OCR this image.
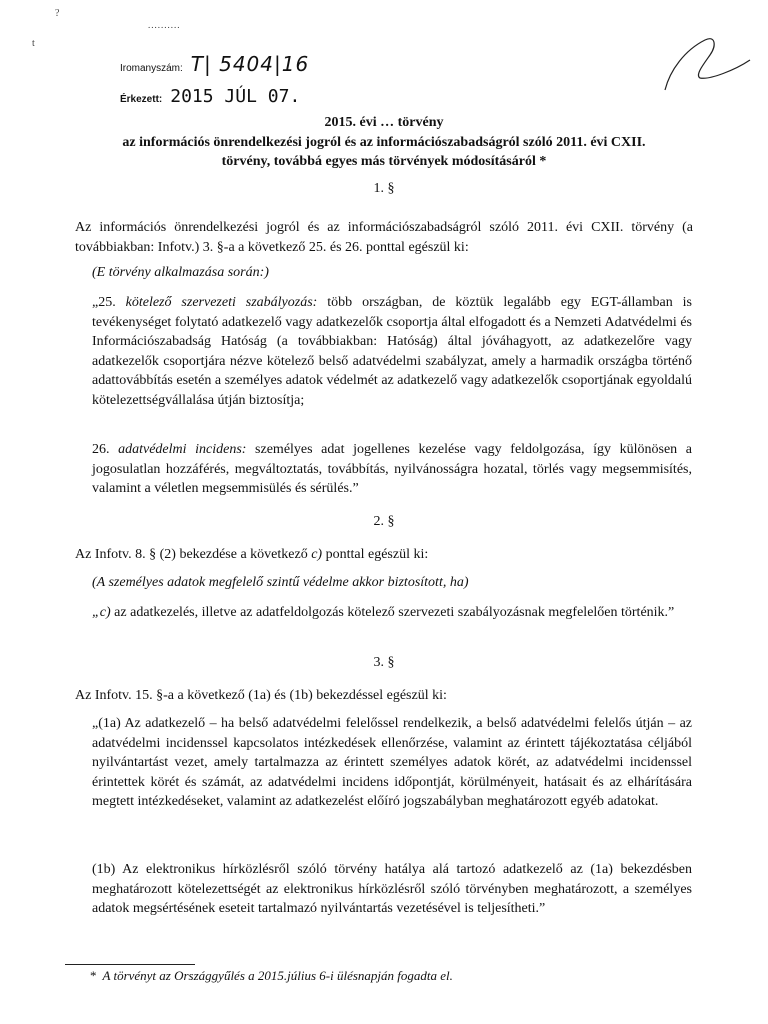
?
t
..........
Iromanyszám: T| 5404|16
Érkezett: 2015 JÚL 07.
2015. évi … törvény
az információs önrendelkezési jogról és az információszabadságról szóló 2011. évi CXII.
törvény, továbbá egyes más törvények módosításáról *
1. §
Az információs önrendelkezési jogról és az információszabadságról szóló 2011. évi CXII. törvény (a továbbiakban: Infotv.) 3. §-a a következő 25. és 26. ponttal egészül ki:
(E törvény alkalmazása során:)
„25. kötelező szervezeti szabályozás: több országban, de köztük legalább egy EGT-államban is tevékenységet folytató adatkezelő vagy adatkezelők csoportja által elfogadott és a Nemzeti Adatvédelmi és Információszabadság Hatóság (a továbbiakban: Hatóság) által jóváhagyott, az adatkezelőre vagy adatkezelők csoportjára nézve kötelező belső adatvédelmi szabályzat, amely a harmadik országba történő adattovábbítás esetén a személyes adatok védelmét az adatkezelő vagy adatkezelők csoportjának egyoldalú kötelezettségvállalása útján biztosítja;
26. adatvédelmi incidens: személyes adat jogellenes kezelése vagy feldolgozása, így különösen a jogosulatlan hozzáférés, megváltoztatás, továbbítás, nyilvánosságra hozatal, törlés vagy megsemmisítés, valamint a véletlen megsemmisülés és sérülés.”
2. §
Az Infotv. 8. § (2) bekezdése a következő c) ponttal egészül ki:
(A személyes adatok megfelelő szintű védelme akkor biztosított, ha)
„c) az adatkezelés, illetve az adatfeldolgozás kötelező szervezeti szabályozásnak megfelelően történik.”
3. §
Az Infotv. 15. §-a a következő (1a) és (1b) bekezdéssel egészül ki:
„(1a) Az adatkezelő – ha belső adatvédelmi felelőssel rendelkezik, a belső adatvédelmi felelős útján – az adatvédelmi incidenssel kapcsolatos intézkedések ellenőrzése, valamint az érintett tájékoztatása céljából nyilvántartást vezet, amely tartalmazza az érintett személyes adatok körét, az adatvédelmi incidenssel érintettek körét és számát, az adatvédelmi incidens időpontját, körülményeit, hatásait és az elhárítására megtett intézkedéseket, valamint az adatkezelést előíró jogszabályban meghatározott egyéb adatokat.
(1b) Az elektronikus hírközlésről szóló törvény hatálya alá tartozó adatkezelő az (1a) bekezdésben meghatározott kötelezettségét az elektronikus hírközlésről szóló törvényben meghatározott, a személyes adatok megsértésének eseteit tartalmazó nyilvántartás vezetésével is teljesítheti.”
* A törvényt az Országgyűlés a 2015.július 6-i ülésnapján fogadta el.
